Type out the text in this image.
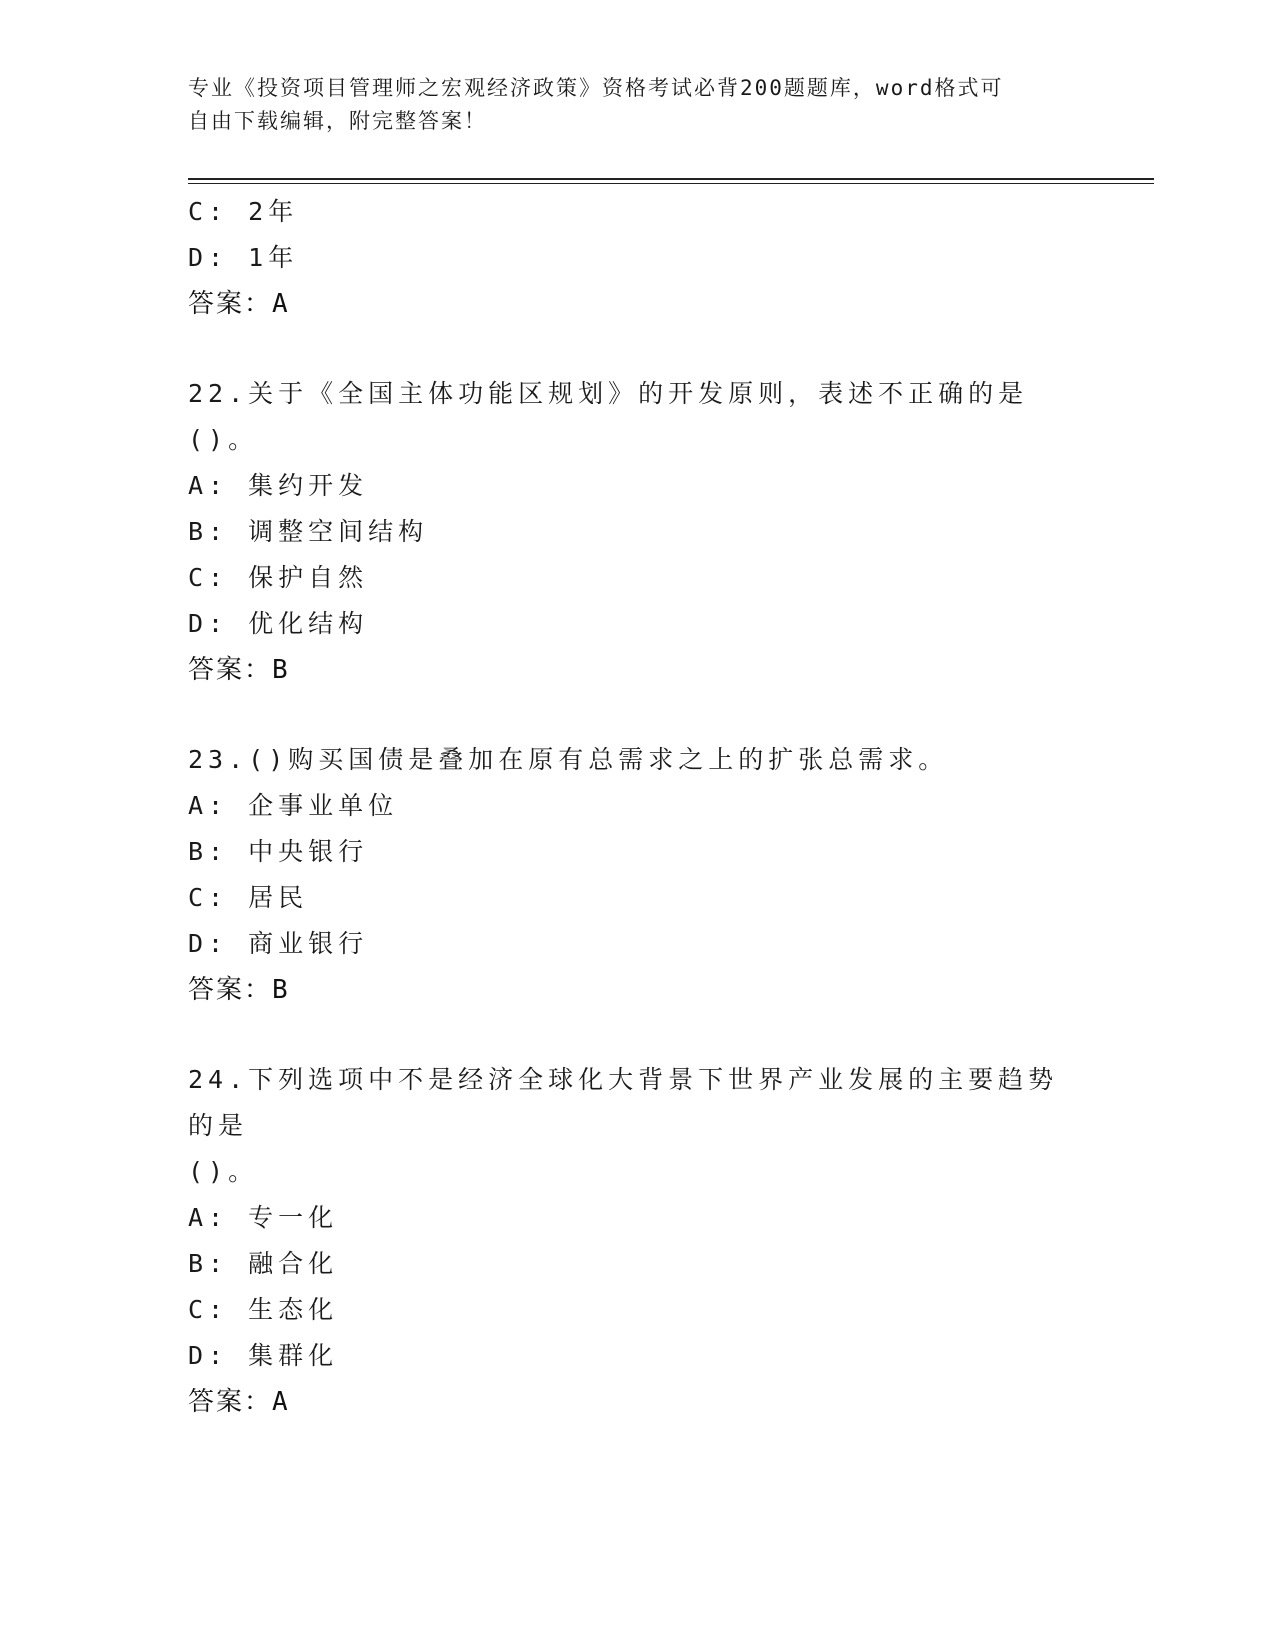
专业《投资项目管理师之宏观经济政策》资格考试必背200题题库，word格式可
自由下载编辑，附完整答案！
C: 2年
D: 1年
答案：A
22.关于《全国主体功能区规划》的开发原则，表述不正确的是()。
A: 集约开发
B: 调整空间结构
C: 保护自然
D: 优化结构
答案：B
23.()购买国债是叠加在原有总需求之上的扩张总需求。
A: 企事业单位
B: 中央银行
C: 居民
D: 商业银行
答案：B
24.下列选项中不是经济全球化大背景下世界产业发展的主要趋势的是
()。
A: 专一化
B: 融合化
C: 生态化
D: 集群化
答案：A
